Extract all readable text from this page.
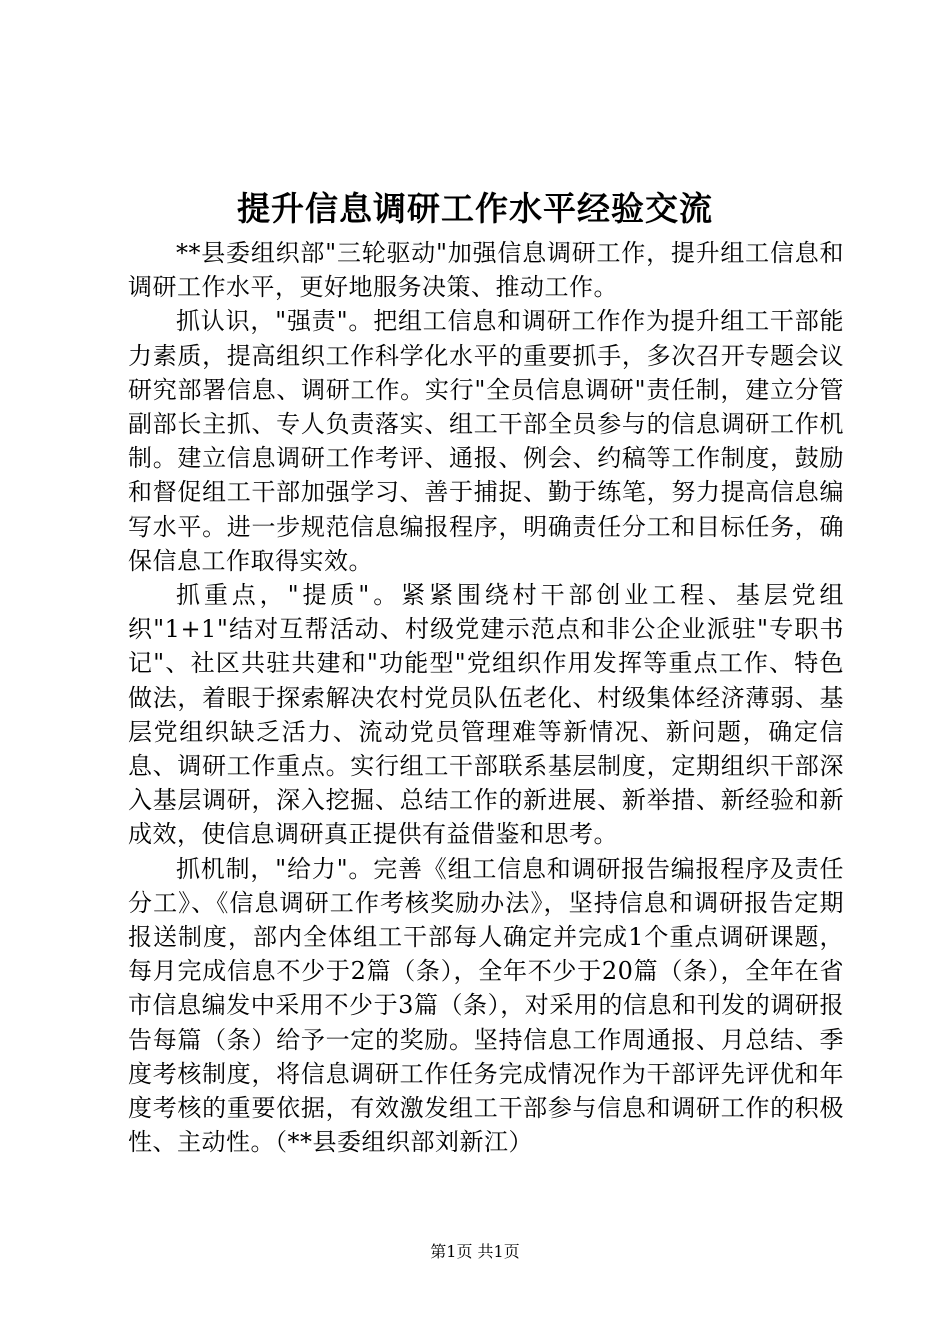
提升信息调研工作水平经验交流

**县委组织部"三轮驱动"加强信息调研工作，提升组工信息和调研工作水平，更好地服务决策、推动工作。

抓认识，"强责"。把组工信息和调研工作作为提升组工干部能力素质，提高组织工作科学化水平的重要抓手，多次召开专题会议研究部署信息、调研工作。实行"全员信息调研"责任制，建立分管副部长主抓、专人负责落实、组工干部全员参与的信息调研工作机制。建立信息调研工作考评、通报、例会、约稿等工作制度，鼓励和督促组工干部加强学习、善于捕捉、勤于练笔，努力提高信息编写水平。进一步规范信息编报程序，明确责任分工和目标任务，确保信息工作取得实效。

抓重点，"提质"。紧紧围绕村干部创业工程、基层党组织"1+1"结对互帮活动、村级党建示范点和非公企业派驻"专职书记"、社区共驻共建和"功能型"党组织作用发挥等重点工作、特色做法，着眼于探索解决农村党员队伍老化、村级集体经济薄弱、基层党组织缺乏活力、流动党员管理难等新情况、新问题，确定信息、调研工作重点。实行组工干部联系基层制度，定期组织干部深入基层调研，深入挖掘、总结工作的新进展、新举措、新经验和新成效，使信息调研真正提供有益借鉴和思考。

抓机制，"给力"。完善《组工信息和调研报告编报程序及责任分工》、《信息调研工作考核奖励办法》，坚持信息和调研报告定期报送制度，部内全体组工干部每人确定并完成1个重点调研课题，每月完成信息不少于2篇（条），全年不少于20篇（条），全年在省市信息编发中采用不少于3篇（条），对采用的信息和刊发的调研报告每篇（条）给予一定的奖励。坚持信息工作周通报、月总结、季度考核制度，将信息调研工作任务完成情况作为干部评先评优和年度考核的重要依据，有效激发组工干部参与信息和调研工作的积极性、主动性。（**县委组织部刘新江）

第1页 共1页
